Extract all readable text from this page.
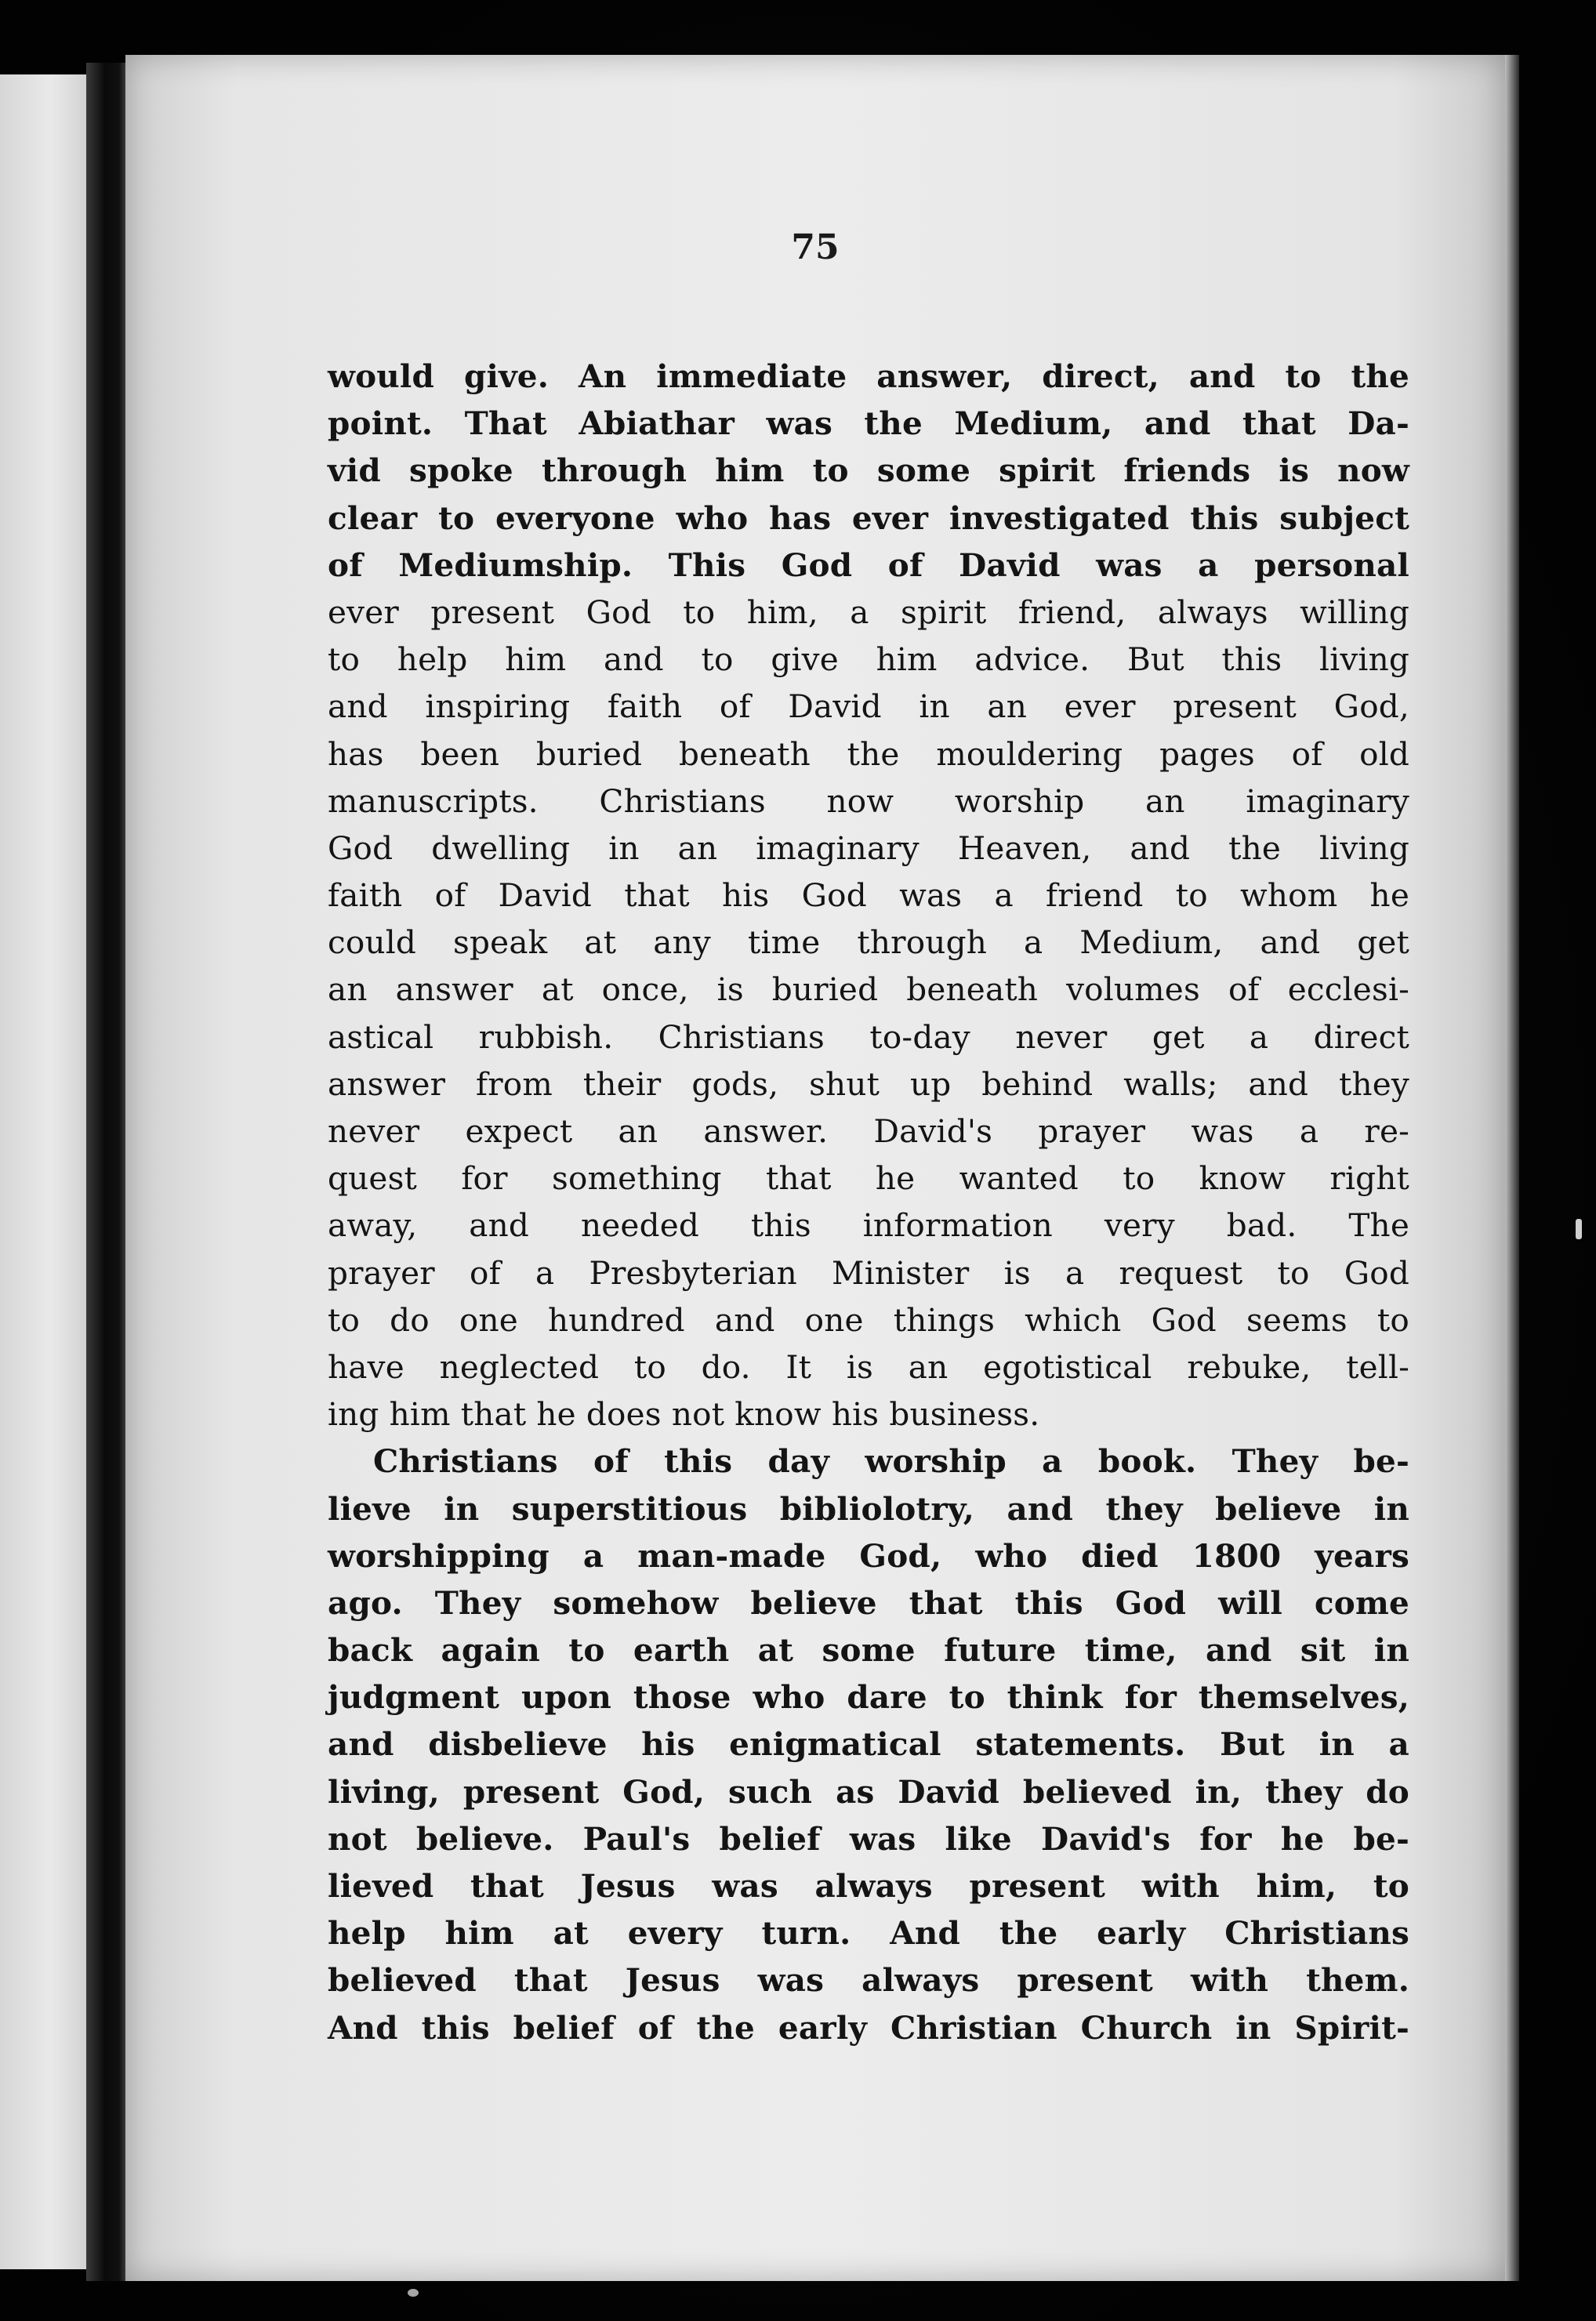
75
would give. An immediate answer, direct, and to the
point. That Abiathar was the Medium, and that Da-
vid spoke through him to some spirit friends is now
clear to everyone who has ever investigated this subject
of Mediumship. This God of David was a personal
ever present God to him, a spirit friend, always willing
to help him and to give him advice. But this living
and inspiring faith of David in an ever present God,
has been buried beneath the mouldering pages of old
manuscripts. Christians now worship an imaginary
God dwelling in an imaginary Heaven, and the living
faith of David that his God was a friend to whom he
could speak at any time through a Medium, and get
an answer at once, is buried beneath volumes of ecclesi-
astical rubbish. Christians to-day never get a direct
answer from their gods, shut up behind walls; and they
never expect an answer. David's prayer was a re-
quest for something that he wanted to know right
away, and needed this information very bad. The
prayer of a Presbyterian Minister is a request to God
to do one hundred and one things which God seems to
have neglected to do. It is an egotistical rebuke, tell-
ing him that he does not know his business.
Christians of this day worship a book. They be-
lieve in superstitious bibliolotry, and they believe in
worshipping a man-made God, who died 1800 years
ago. They somehow believe that this God will come
back again to earth at some future time, and sit in
judgment upon those who dare to think for themselves,
and disbelieve his enigmatical statements. But in a
living, present God, such as David believed in, they do
not believe. Paul's belief was like David's for he be-
lieved that Jesus was always present with him, to
help him at every turn. And the early Christians
believed that Jesus was always present with them.
And this belief of the early Christian Church in Spirit-
